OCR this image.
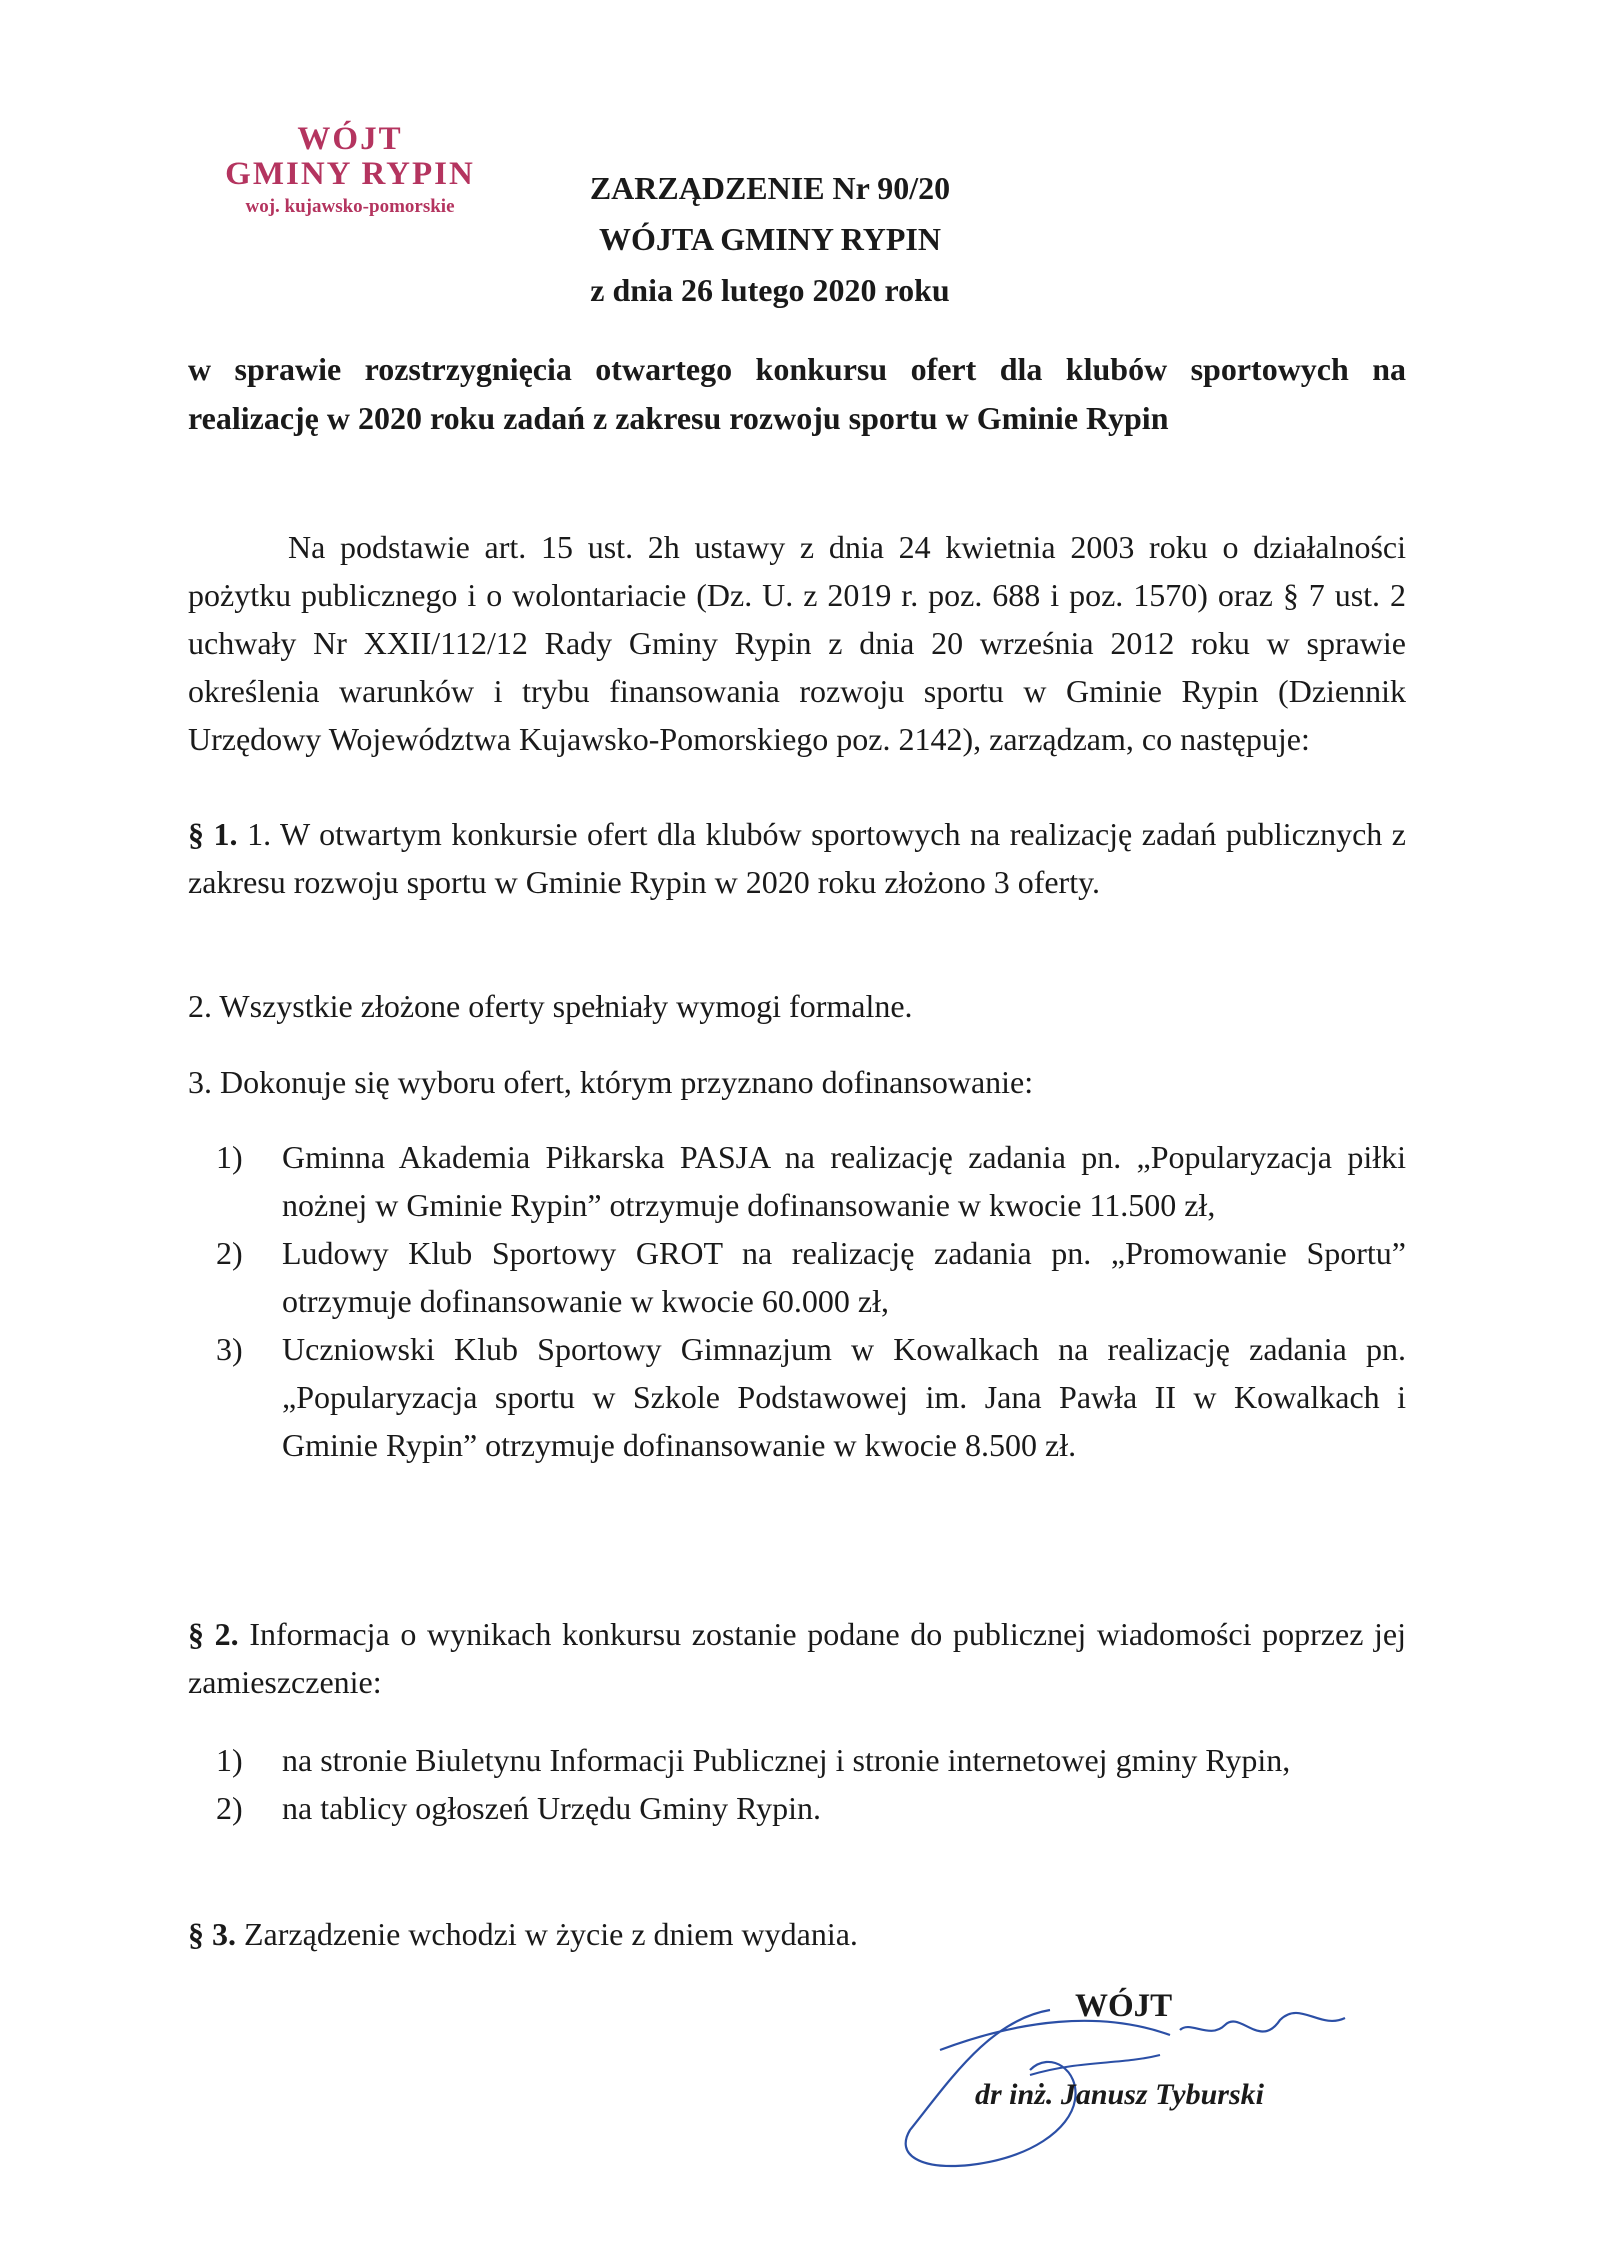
WÓJT
GMINY RYPIN
woj. kujawsko-pomorskie
ZARZĄDZENIE Nr 90/20
WÓJTA GMINY RYPIN
z dnia 26 lutego 2020 roku
w sprawie rozstrzygnięcia otwartego konkursu ofert dla klubów sportowych na realizację w 2020 roku zadań z zakresu rozwoju sportu w Gminie Rypin
Na podstawie art. 15 ust. 2h ustawy z dnia 24 kwietnia 2003 roku o działalności pożytku publicznego i o wolontariacie (Dz. U. z 2019 r. poz. 688 i poz. 1570) oraz § 7 ust. 2 uchwały Nr XXII/112/12 Rady Gminy Rypin z dnia 20 września 2012 roku w sprawie określenia warunków i trybu finansowania rozwoju sportu w Gminie Rypin (Dziennik Urzędowy Województwa Kujawsko-Pomorskiego poz. 2142), zarządzam, co następuje:
§ 1. 1. W otwartym konkursie ofert dla klubów sportowych na realizację zadań publicznych z zakresu rozwoju sportu w Gminie Rypin w 2020 roku złożono 3 oferty.
2. Wszystkie złożone oferty spełniały wymogi formalne.
3. Dokonuje się wyboru ofert, którym przyznano dofinansowanie:
1) Gminna Akademia Piłkarska PASJA na realizację zadania pn. „Popularyzacja piłki nożnej w Gminie Rypin” otrzymuje dofinansowanie w kwocie 11.500 zł,
2) Ludowy Klub Sportowy GROT na realizację zadania pn. „Promowanie Sportu” otrzymuje dofinansowanie w kwocie 60.000 zł,
3) Uczniowski Klub Sportowy Gimnazjum w Kowalkach na realizację zadania pn. „Popularyzacja sportu w Szkole Podstawowej im. Jana Pawła II w Kowalkach i Gminie Rypin” otrzymuje dofinansowanie w kwocie 8.500 zł.
§ 2. Informacja o wynikach konkursu zostanie podane do publicznej wiadomości poprzez jej zamieszczenie:
1) na stronie Biuletynu Informacji Publicznej i stronie internetowej gminy Rypin,
2) na tablicy ogłoszeń Urzędu Gminy Rypin.
§ 3. Zarządzenie wchodzi w życie z dniem wydania.
WÓJT
dr inż. Janusz Tyburski
